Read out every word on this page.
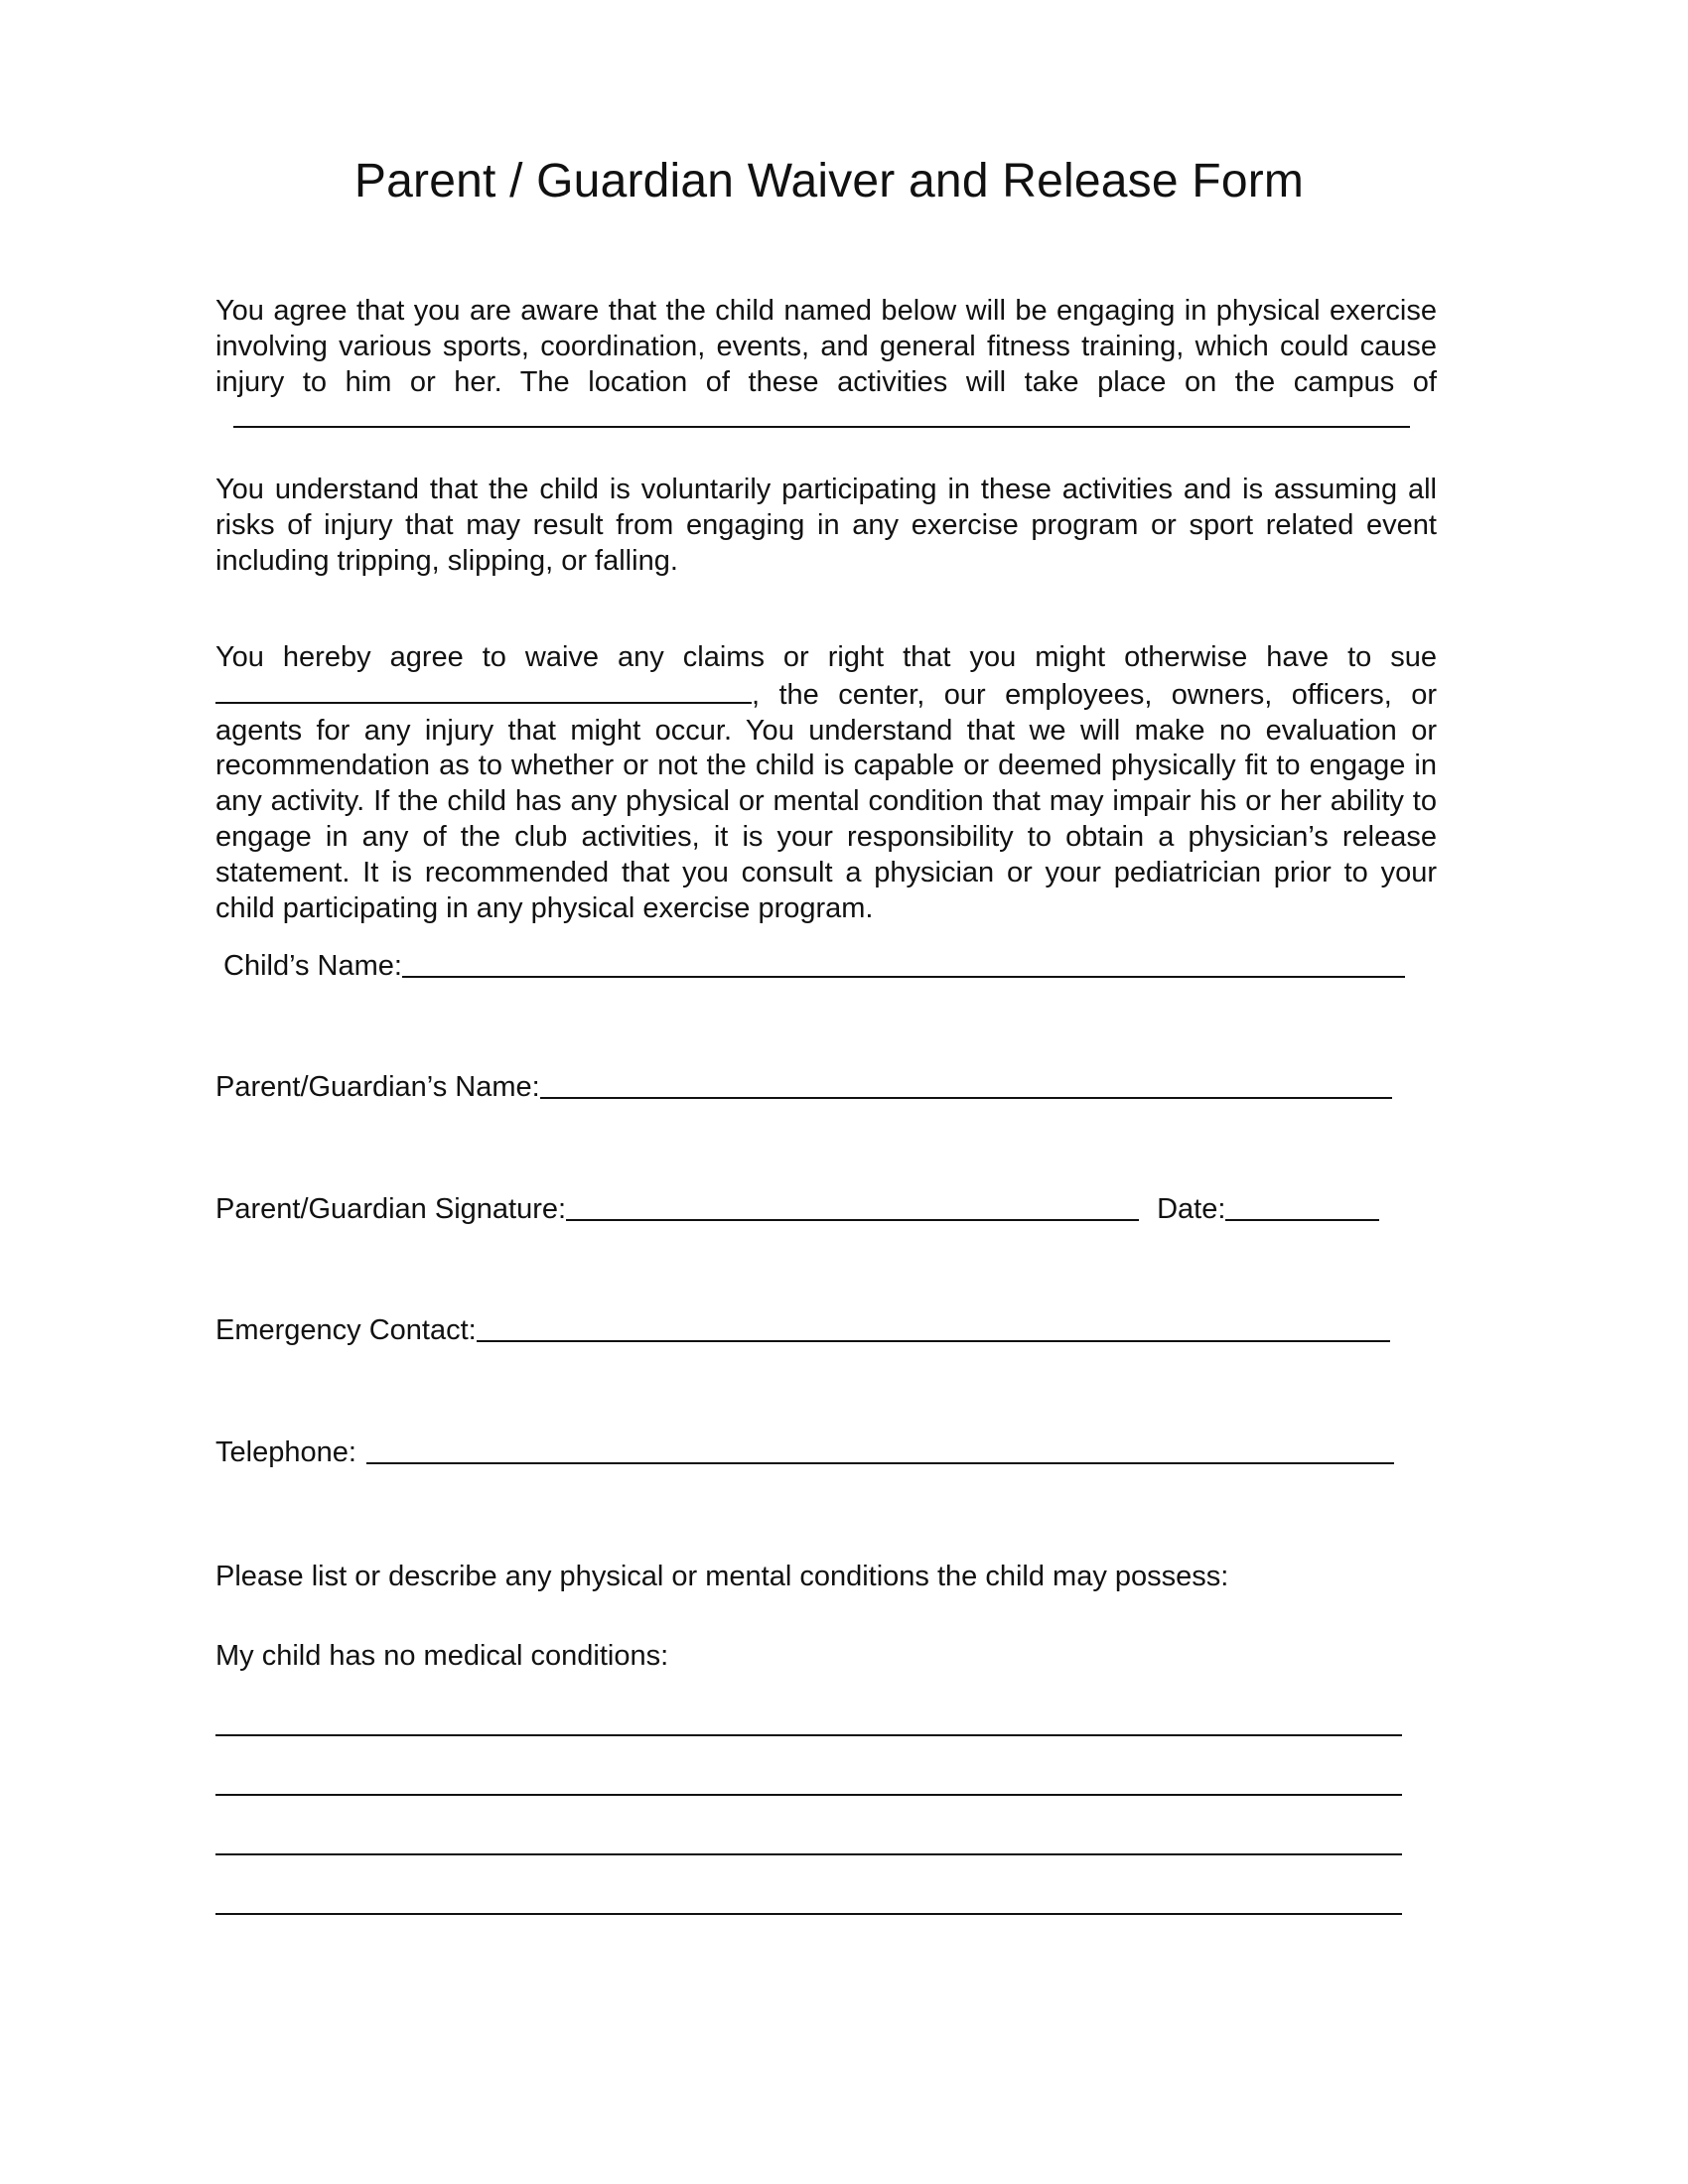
Parent / Guardian Waiver and Release Form

You agree that you are aware that the child named below will be engaging in physical exercise involving various sports, coordination, events, and general fitness training, which could cause injury to him or her. The location of these activities will take place on the campus of

You understand that the child is voluntarily participating in these activities and is assuming all risks of injury that may result from engaging in any exercise program or sport related event including tripping, slipping, or falling.

You hereby agree to waive any claims or right that you might otherwise have to sue , the center, our employees, owners, officers, or agents for any injury that might occur. You understand that we will make no evaluation or recommendation as to whether or not the child is capable or deemed physically fit to engage in any activity. If the child has any physical or mental condition that may impair his or her ability to engage in any of the club activities, it is your responsibility to obtain a physician’s release statement. It is recommended that you consult a physician or your pediatrician prior to your child participating in any physical exercise program.

Child’s Name:
Parent/Guardian’s Name:
Parent/Guardian Signature:	Date:
Emergency Contact:
Telephone:

Please list or describe any physical or mental conditions the child may possess:

My child has no medical conditions:
